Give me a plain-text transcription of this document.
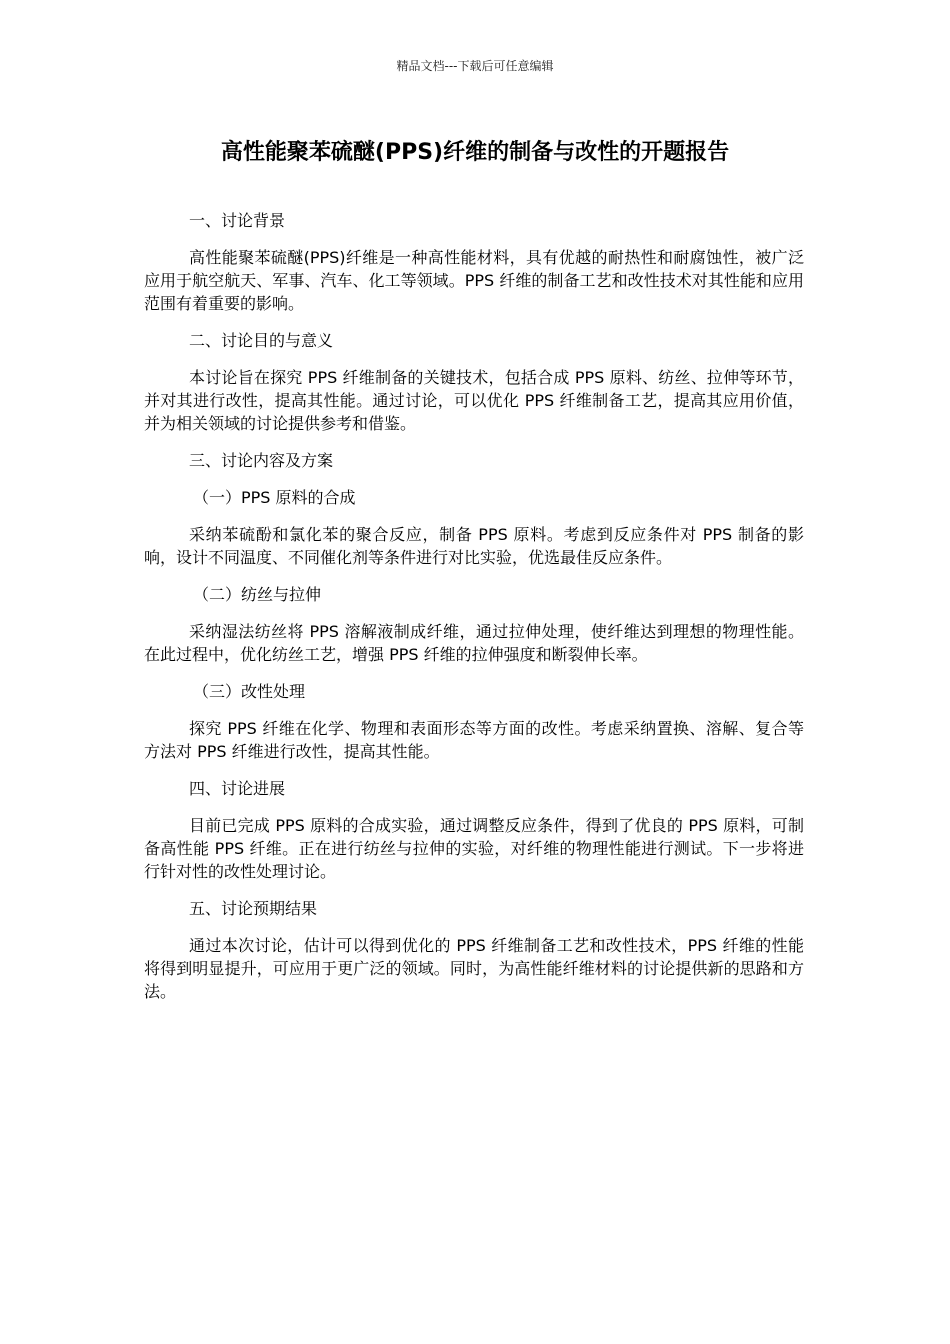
精品文档---下载后可任意编辑
高性能聚苯硫醚(PPS)纤维的制备与改性的开题报告
一、讨论背景
高性能聚苯硫醚(PPS)纤维是一种高性能材料，具有优越的耐热性和耐腐蚀性，被广泛应用于航空航天、军事、汽车、化工等领域。PPS 纤维的制备工艺和改性技术对其性能和应用范围有着重要的影响。
二、讨论目的与意义
本讨论旨在探究 PPS 纤维制备的关键技术，包括合成 PPS 原料、纺丝、拉伸等环节，并对其进行改性，提高其性能。通过讨论，可以优化 PPS 纤维制备工艺，提高其应用价值，并为相关领域的讨论提供参考和借鉴。
三、讨论内容及方案
（一）PPS 原料的合成
采纳苯硫酚和氯化苯的聚合反应，制备 PPS 原料。考虑到反应条件对 PPS 制备的影响，设计不同温度、不同催化剂等条件进行对比实验，优选最佳反应条件。
（二）纺丝与拉伸
采纳湿法纺丝将 PPS 溶解液制成纤维，通过拉伸处理，使纤维达到理想的物理性能。在此过程中，优化纺丝工艺，增强 PPS 纤维的拉伸强度和断裂伸长率。
（三）改性处理
探究 PPS 纤维在化学、物理和表面形态等方面的改性。考虑采纳置换、溶解、复合等方法对 PPS 纤维进行改性，提高其性能。
四、讨论进展
目前已完成 PPS 原料的合成实验，通过调整反应条件，得到了优良的 PPS 原料，可制备高性能 PPS 纤维。正在进行纺丝与拉伸的实验，对纤维的物理性能进行测试。下一步将进行针对性的改性处理讨论。
五、讨论预期结果
通过本次讨论，估计可以得到优化的 PPS 纤维制备工艺和改性技术，PPS 纤维的性能将得到明显提升，可应用于更广泛的领域。同时，为高性能纤维材料的讨论提供新的思路和方法。
